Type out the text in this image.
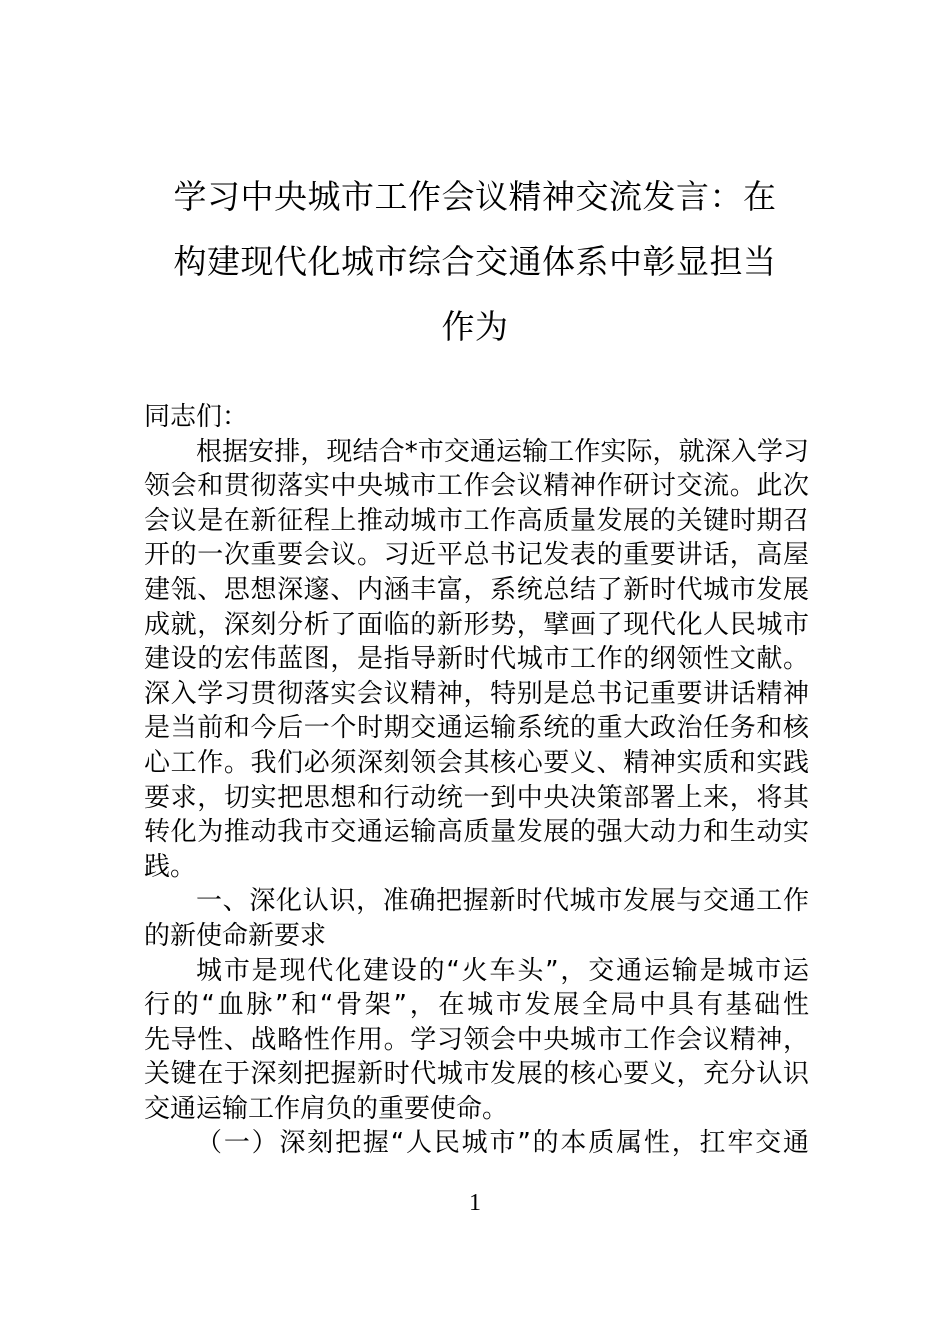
学习中央城市工作会议精神交流发言：在
构建现代化城市综合交通体系中彰显担当
作为
同志们：
根据安排，现结合*市交通运输工作实际，就深入学习
领会和贯彻落实中央城市工作会议精神作研讨交流。此次
会议是在新征程上推动城市工作高质量发展的关键时期召
开的一次重要会议。习近平总书记发表的重要讲话，高屋
建瓴、思想深邃、内涵丰富，系统总结了新时代城市发展
成就，深刻分析了面临的新形势，擘画了现代化人民城市
建设的宏伟蓝图，是指导新时代城市工作的纲领性文献。
深入学习贯彻落实会议精神，特别是总书记重要讲话精神
是当前和今后一个时期交通运输系统的重大政治任务和核
心工作。我们必须深刻领会其核心要义、精神实质和实践
要求，切实把思想和行动统一到中央决策部署上来，将其
转化为推动我市交通运输高质量发展的强大动力和生动实
践。
一、深化认识，准确把握新时代城市发展与交通工作
的新使命新要求
城市是现代化建设的“火车头”，交通运输是城市运
行的“血脉”和“骨架”，在城市发展全局中具有基础性
先导性、战略性作用。学习领会中央城市工作会议精神，
关键在于深刻把握新时代城市发展的核心要义，充分认识
交通运输工作肩负的重要使命。
（一）深刻把握“人民城市”的本质属性，扛牢交通
1
